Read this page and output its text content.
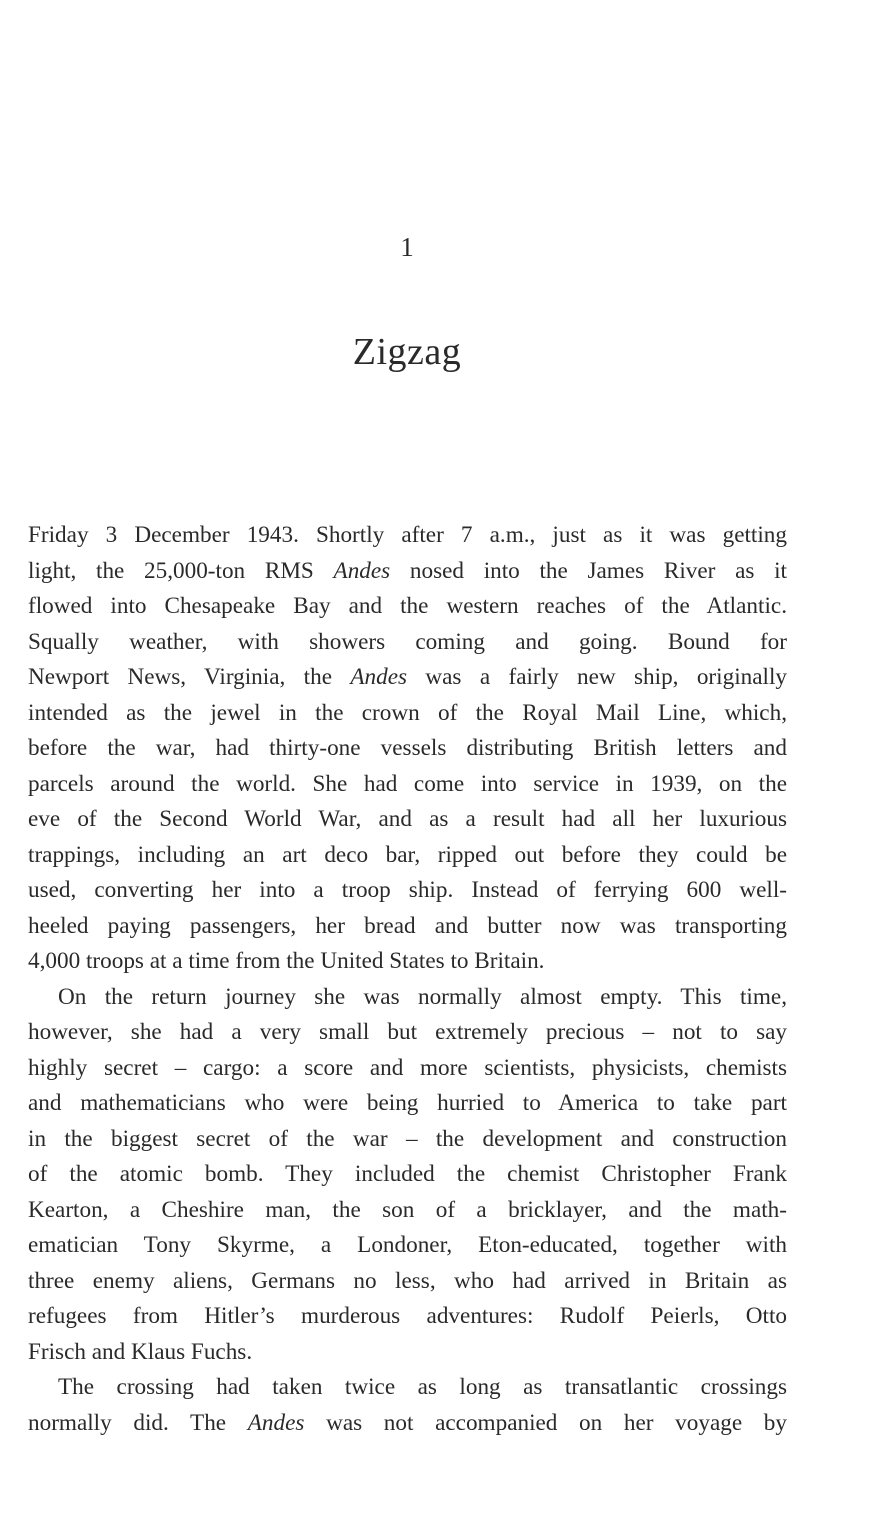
1
Zigzag
Friday 3 December 1943. Shortly after 7 a.m., just as it was getting
light, the 25,000-ton RMS Andes nosed into the James River as it
flowed into Chesapeake Bay and the western reaches of the Atlantic.
Squally weather, with showers coming and going. Bound for
Newport News, Virginia, the Andes was a fairly new ship, originally
intended as the jewel in the crown of the Royal Mail Line, which,
before the war, had thirty-one vessels distributing British letters and
parcels around the world. She had come into service in 1939, on the
eve of the Second World War, and as a result had all her luxurious
trappings, including an art deco bar, ripped out before they could be
used, converting her into a troop ship. Instead of ferrying 600 well-
heeled paying passengers, her bread and butter now was transporting
4,000 troops at a time from the United States to Britain.
On the return journey she was normally almost empty. This time,
however, she had a very small but extremely precious – not to say
highly secret – cargo: a score and more scientists, physicists, chemists
and mathematicians who were being hurried to America to take part
in the biggest secret of the war – the development and construction
of the atomic bomb. They included the chemist Christopher Frank
Kearton, a Cheshire man, the son of a bricklayer, and the math-
ematician Tony Skyrme, a Londoner, Eton-educated, together with
three enemy aliens, Germans no less, who had arrived in Britain as
refugees from Hitler’s murderous adventures: Rudolf Peierls, Otto
Frisch and Klaus Fuchs.
The crossing had taken twice as long as transatlantic crossings
normally did. The Andes was not accompanied on her voyage by
